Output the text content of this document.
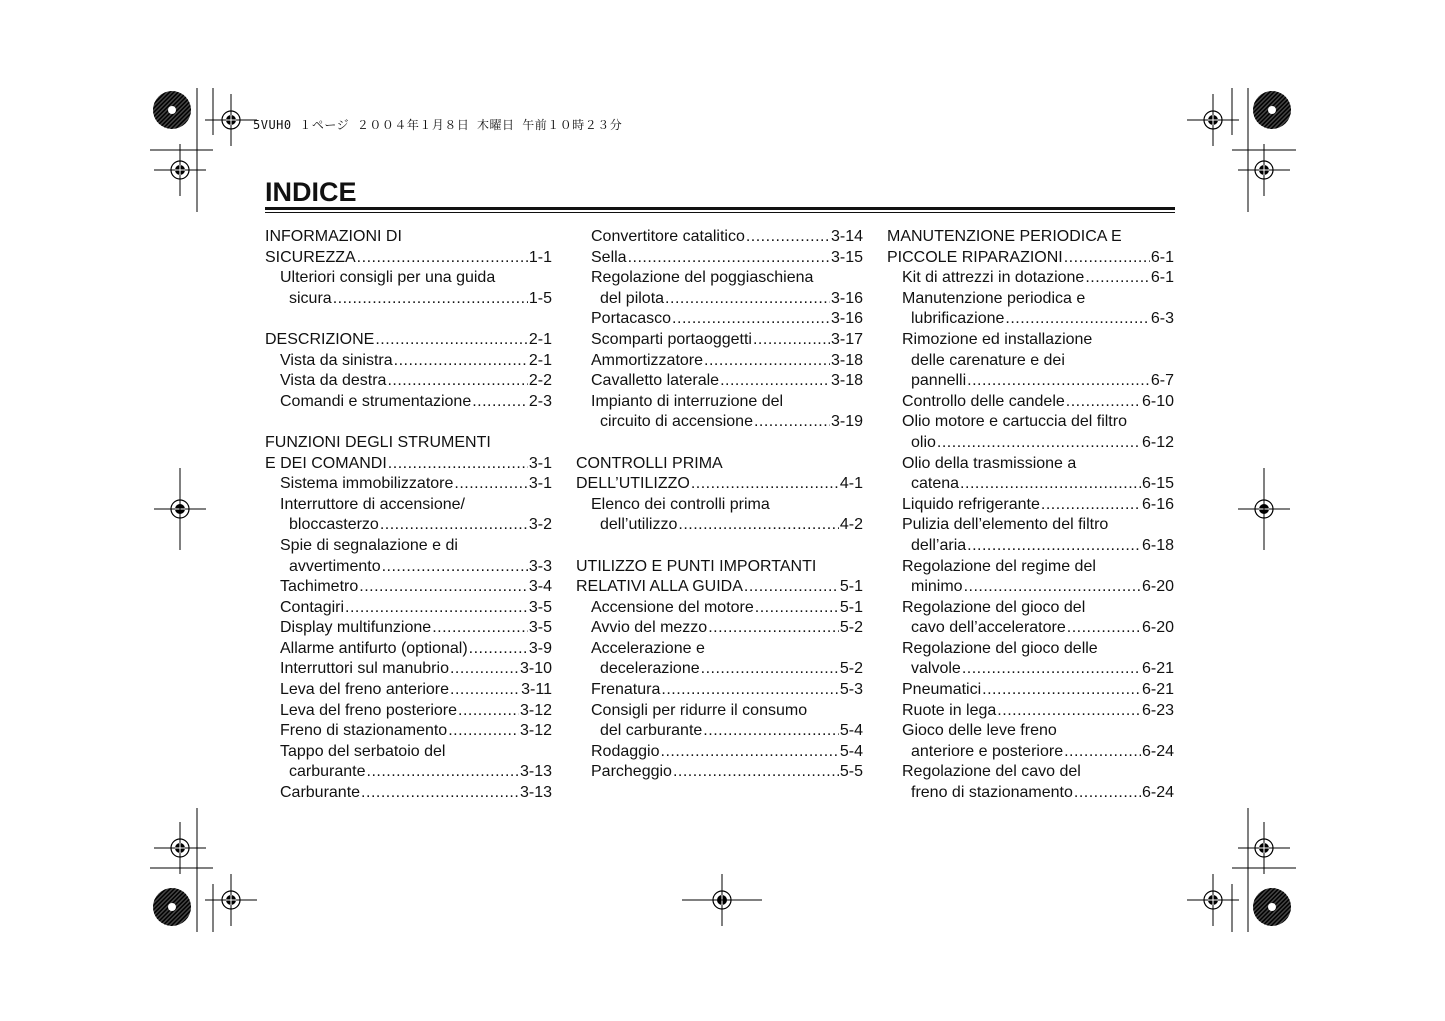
5VUH0 １ページ ２００４年１月８日 木曜日 午前１０時２３分
INDICE
INFORMAZIONI DI
SICUREZZA .....	1-1
Ulteriori consigli per una guida
sicura .....	1-5
DESCRIZIONE .....	2-1
Vista da sinistra .....	2-1
Vista da destra .....	2-2
Comandi e strumentazione .....	2-3
FUNZIONI DEGLI STRUMENTI
E DEI COMANDI .....	3-1
Sistema immobilizzatore .....	3-1
Interruttore di accensione/
bloccasterzo .....	3-2
Spie di segnalazione e di
avvertimento .....	3-3
Tachimetro .....	3-4
Contagiri .....	3-5
Display multifunzione .....	3-5
Allarme antifurto (optional) .....	3-9
Interruttori sul manubrio .....	3-10
Leva del freno anteriore .....	3-11
Leva del freno posteriore .....	3-12
Freno di stazionamento .....	3-12
Tappo del serbatoio del
carburante .....	3-13
Carburante .....	3-13
Convertitore catalitico .....	3-14
Sella .....	3-15
Regolazione del poggiaschiena
del pilota .....	3-16
Portacasco .....	3-16
Scomparti portaoggetti .....	3-17
Ammortizzatore .....	3-18
Cavalletto laterale .....	3-18
Impianto di interruzione del
circuito di accensione .....	3-19
CONTROLLI PRIMA
DELL’UTILIZZO .....	4-1
Elenco dei controlli prima
dell’utilizzo .....	4-2
UTILIZZO E PUNTI IMPORTANTI
RELATIVI ALLA GUIDA .....	5-1
Accensione del motore .....	5-1
Avvio del mezzo .....	5-2
Accelerazione e
decelerazione .....	5-2
Frenatura .....	5-3
Consigli per ridurre il consumo
del carburante .....	5-4
Rodaggio .....	5-4
Parcheggio .....	5-5
MANUTENZIONE PERIODICA E
PICCOLE RIPARAZIONI .....	6-1
Kit di attrezzi in dotazione .....	6-1
Manutenzione periodica e
lubrificazione .....	6-3
Rimozione ed installazione
delle carenature e dei
pannelli .....	6-7
Controllo delle candele .....	6-10
Olio motore e cartuccia del filtro
olio .....	6-12
Olio della trasmissione a
catena .....	6-15
Liquido refrigerante .....	6-16
Pulizia dell’elemento del filtro
dell’aria .....	6-18
Regolazione del regime del
minimo .....	6-20
Regolazione del gioco del
cavo dell’acceleratore .....	6-20
Regolazione del gioco delle
valvole .....	6-21
Pneumatici .....	6-21
Ruote in lega .....	6-23
Gioco delle leve freno
anteriore e posteriore .....	6-24
Regolazione del cavo del
freno di stazionamento .....	6-24
